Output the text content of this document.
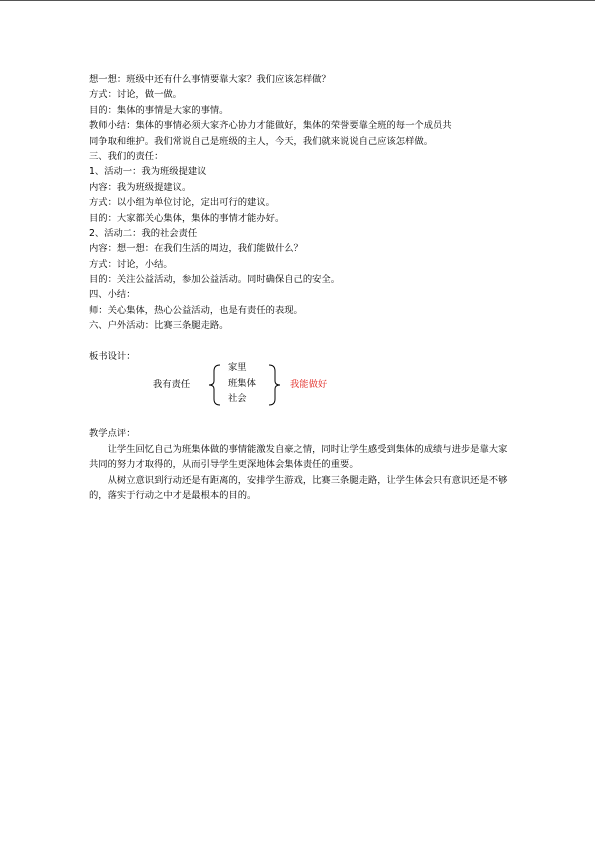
想一想：班级中还有什么事情要靠大家？我们应该怎样做？
方式：讨论，做一做。
目的：集体的事情是大家的事情。
教师小结：集体的事情必须大家齐心协力才能做好，集体的荣誉要靠全班的每一个成员共
同争取和维护。我们常说自己是班级的主人，今天，我们就来说说自己应该怎样做。
三、我们的责任：
1、活动一：我为班级提建议
内容：我为班级提建议。
方式：以小组为单位讨论，定出可行的建议。
目的：大家都关心集体，集体的事情才能办好。
2、活动二：我的社会责任
内容：想一想：在我们生活的周边，我们能做什么？
方式：讨论，小结。
目的：关注公益活动，参加公益活动。同时确保自己的安全。
四、小结：
师：关心集体，热心公益活动，也是有责任的表现。
六、户外活动：比赛三条腿走路。
板书设计：
我有责任
家里
班集体
社会
我能做好
教学点评：
让学生回忆自己为班集体做的事情能激发自豪之情，同时让学生感受到集体的成绩与进步是靠大家共同的努力才取得的，从而引导学生更深地体会集体责任的重要。
从树立意识到行动还是有距离的，安排学生游戏，比赛三条腿走路，让学生体会只有意识还是不够的，落实于行动之中才是最根本的目的。
